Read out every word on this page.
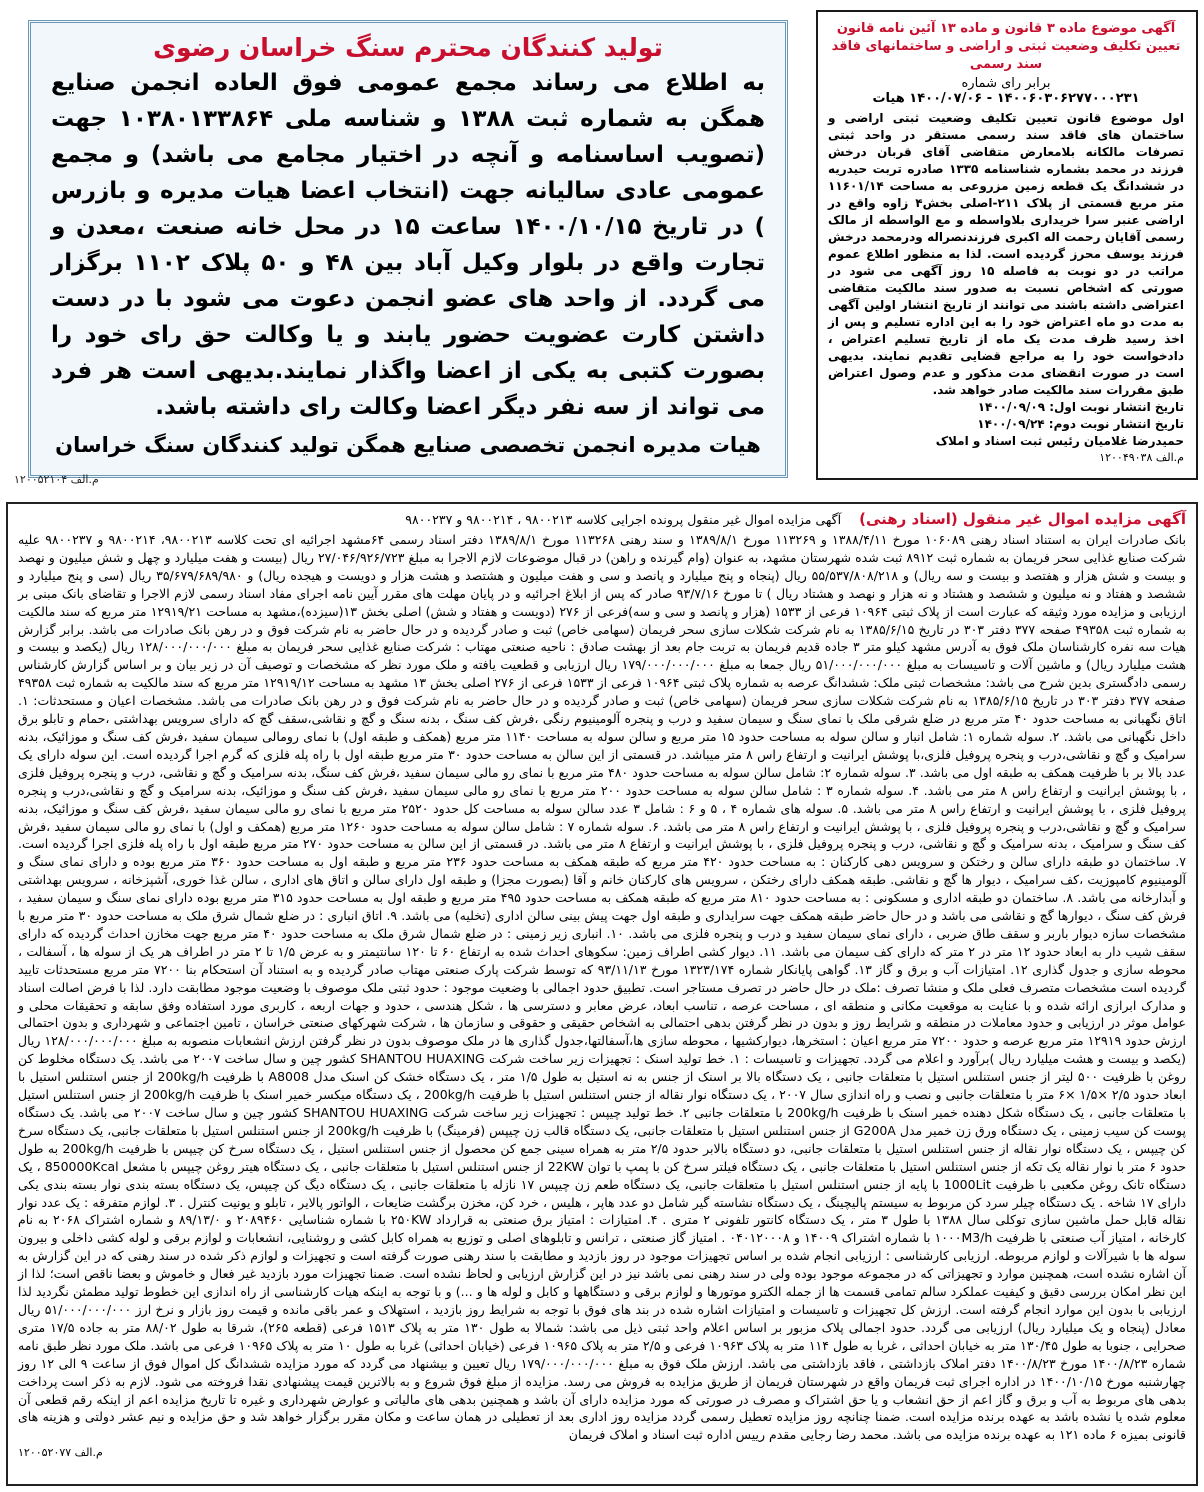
آگهی موضوع ماده ۳ قانون و ماده ۱۳ آئین نامه قانون تعیین تکلیف وضعیت ثبتی و اراضی و ساختمانهای فاقد سند رسمی
برابر رای شماره
۱۴۰۰۶۰۳۰۶۲۷۷۰۰۰۲۳۱ - ۱۴۰۰/۰۷/۰۶ هیات
اول موضوع قانون تعیین تکلیف وضعیت ثبتی اراضی و ساختمان های فاقد سند رسمی مستقر در واحد ثبتی تصرفات مالکانه بلامعارض متقاضی آقای قربان درخش فرزند در محمد بشماره شناسنامه ۱۳۳۵ صادره تربت حیدریه در ششدانگ یک قطعه زمین مزروعی به مساحت ۱۱۶۰۱/۱۴ متر مربع قسمتی از پلاک ۲۱۱-اصلی بخش۴ زاوه واقع در اراضی عنبر سرا خریداری بلاواسطه و مع الواسطه از مالک رسمی آقایان رحمت اله اکبری فرزندنصراله ودرمحمد درخش فرزند یوسف محرز گردیده است. لذا به منظور اطلاع عموم مراتب در دو نوبت به فاصله ۱۵ روز آگهی می شود در صورتی که اشخاص نسبت به صدور سند مالکیت متقاضی اعتراضی داشته باشند می توانند از تاریخ انتشار اولین آگهی به مدت دو ماه اعتراض خود را به این اداره تسلیم و پس از اخذ رسید ظرف مدت یک ماه از تاریخ تسلیم اعتراض ، دادخواست خود را به مراجع قضایی تقدیم نمایند. بدیهی است در صورت انقضای مدت مذکور و عدم وصول اعتراض طبق مقررات سند مالکیت صادر خواهد شد.
تاریخ انتشار نوبت اول: ۱۴۰۰/۰۹/۰۹
تاریخ انتشار نوبت دوم: ۱۴۰۰/۰۹/۲۴
حمیدرضا غلامیان رئیس ثبت اسناد و املاک
م.الف ۱۲۰۰۴۹۰۳۸
تولید کنندگان محترم سنگ خراسان رضوی
به اطلاع می رساند مجمع عمومی فوق العاده انجمن صنایع همگن به شماره ثبت ۱۳۸۸ و شناسه ملی ۱۰۳۸۰۱۳۳۸۶۴ جهت (تصویب اساسنامه و آنچه در اختیار مجامع می باشد) و مجمع عمومی عادی سالیانه جهت (انتخاب اعضا هیات مدیره و بازرس ) در تاریخ ۱۴۰۰/۱۰/۱۵ ساعت ۱۵ در محل خانه صنعت ،معدن و تجارت واقع در بلوار وکیل آباد بین ۴۸ و ۵۰ پلاک ۱۱۰۲ برگزار می گردد. از واحد های عضو انجمن دعوت می شود با در دست داشتن کارت عضویت حضور یابند و یا وکالت حق رای خود را بصورت کتبی به یکی از اعضا واگذار نمایند.بدیهی است هر فرد می تواند از سه نفر دیگر اعضا وکالت رای داشته باشد.
هیات مدیره انجمن تخصصی صنایع همگن تولید کنندگان سنگ خراسان
م.الف ۱۲۰۰۵۲۱۰۴
آگهی مزایده اموال غیر منقول (اسناد رهنی)
آگهی مزایده اموال غیر منقول پرونده اجرایی کلاسه ۹۸۰۰۲۱۳ ، ۹۸۰۰۲۱۴ و ۹۸۰۰۲۳۷
بانک صادرات ایران به استناد اسناد رهنی ۱۰۶۰۸۹ مورخ ۱۳۸۸/۴/۱۱ و ۱۱۳۲۶۹ مورخ ۱۳۸۹/۸/۱ و سند رهنی ۱۱۳۲۶۸ مورخ ۱۳۸۹/۸/۱ دفتر اسناد رسمی ۶۴مشهد اجرائیه ای تحت کلاسه ۹۸۰۰۲۱۳، ۹۸۰۰۲۱۴ و ۹۸۰۰۲۳۷ علیه شرکت صنایع غذایی سحر فریمان به شماره ثبت ۸۹۱۲ ثبت شده شهرستان مشهد، به عنوان (وام گیرنده و راهن) در قبال موضوعات لازم الاجرا به مبلغ ۲۷/۰۴۶/۹۲۶/۷۲۳ ریال (بیست و هفت میلیارد و چهل و شش میلیون و نهصد و بیست و شش هزار و هفتصد و بیست و سه ریال) و ۵۵/۵۳۷/۸۰۸/۲۱۸ ریال (پنجاه و پنج میلیارد و پانصد و سی و هفت میلیون و هشتصد و هشت هزار و دویست و هیجده ریال) و ۳۵/۶۷۹/۶۸۹/۹۸۰ ریال (سی و پنج میلیارد و ششصد و هفتاد و نه میلیون و ششصد و هشتاد و نه هزار و نهصد و هشتاد ریال ) تا مورخ ۹۳/۷/۱۶ صادر که پس از ابلاغ اجرائیه و در پایان مهلت های مقرر آیین نامه اجرای مفاد اسناد رسمی لازم الاجرا و تقاضای بانک مبنی بر ارزیابی و مزایده مورد وثیقه که عبارت است از پلاک ثبتی ۱۰۹۶۴ فرعی از ۱۵۳۳ (هزار و پانصد و سی و سه)فرعی از ۲۷۶ (دویست و هفتاد و شش) اصلی بخش ۱۳(سیزده)،مشهد به مساحت ۱۲۹۱۹/۲۱ متر مربع که سند مالکیت به شماره ثبت ۴۹۳۵۸ صفحه ۳۷۷ دفتر ۳۰۳ در تاریخ ۱۳۸۵/۶/۱۵ به نام شرکت شکلات سازی سحر فریمان (سهامی خاص) ثبت و صادر گردیده و در حال حاضر به نام شرکت فوق و در رهن بانک صادرات می باشد. برابر گزارش هیات سه نفره کارشناسان ملک فوق به آدرس مشهد کیلو متر ۳ جاده قدیم فریمان به تربت جام بعد از بهشت صادق : ناحیه صنعتی مهتاب : شرکت صنایع غذایی سحر فریمان به مبلغ ۱۲۸/۰۰۰/۰۰۰/۰۰۰ ریال (یکصد و بیست و هشت میلیارد ریال) و ماشین آلات و تاسیسات به مبلغ ۵۱/۰۰۰/۰۰۰/۰۰۰ ریال جمعا به مبلغ ۱۷۹/۰۰۰/۰۰۰/۰۰۰ ریال ارزیابی و قطعیت یافته و ملک مورد نظر که مشخصات و توصیف آن در زیر بیان و بر اساس گزارش کارشناس رسمی دادگستری بدین شرح می باشد: مشخصات ثبتی ملک: ششدانگ عرصه به شماره پلاک ثبتی ۱۰۹۶۴ فرعی از ۱۵۳۳ فرعی از ۲۷۶ اصلی بخش ۱۳ مشهد به مساحت ۱۲۹۱۹/۱۲ متر مربع که سند مالکیت به شماره ثبت ۴۹۳۵۸ صفحه ۳۷۷ دفتر ۳۰۳ در تاریخ ۱۳۸۵/۶/۱۵ به نام شرکت شکلات سازی سحر فریمان (سهامی خاص) ثبت و صادر گردیده و در حال حاضر به نام شرکت فوق و در رهن بانک صادرات می باشد. مشخصات اعیان و مستحدثات: ۱. اتاق نگهبانی به مساحت حدود ۴۰ متر مربع در ضلع شرقی ملک با نمای سنگ و سیمان سفید و درب و پنجره آلومینیوم رنگی ،فرش کف سنگ ، بدنه سنگ و گچ و نقاشی،سقف گچ که دارای سرویس بهداشتی ،حمام و تابلو برق داخل نگهبانی می باشد. ۲. سوله شماره ۱: شامل انبار و سالن سوله به مساحت حدود ۱۵ متر مربع و سالن سوله به مساحت ۱۱۴۰ متر مربع (همکف و طبقه اول) با نمای رومالی سیمان سفید ،فرش کف سنگ و موزائیک، بدنه سرامیک و گچ و نقاشی،درب و پنجره پروفیل فلزی،با پوشش ایرانیت و ارتفاع راس ۸ متر میباشد. در قسمتی از این سالن به مساحت حدود ۳۰ متر مربع طبقه اول با راه پله فلزی که گرم اجرا گردیده است. این سوله دارای یک عدد بالا بر با ظرفیت همکف به طبقه اول می باشد. ۳. سوله شماره ۲: شامل سالن سوله به مساحت حدود ۴۸۰ متر مربع با نمای رو مالی سیمان سفید ،فرش کف سنگ، بدنه سرامیک و گچ و نقاشی، درب و پنجره پروفیل فلزی ، با پوشش ایرانیت و ارتفاع راس ۸ متر می باشد. ۴. سوله شماره ۳ : شامل سالن سوله به مساحت حدود ۲۰۰ متر مربع با نمای رو مالی سیمان سفید ،فرش کف سنگ و موزائیک، بدنه سرامیک و گچ و نقاشی،درب و پنجره پروفیل فلزی ، با پوشش ایرانیت و ارتفاع راس ۸ متر می باشد. ۵. سوله های شماره ۴ ، ۵ و ۶ : شامل ۳ عدد سالن سوله به مساحت کل حدود ۲۵۲۰ متر مربع با نمای رو مالی سیمان سفید ،فرش کف سنگ و موزائیک، بدنه سرامیک و گچ و نقاشی،درب و پنجره پروفیل فلزی ، با پوشش ایرانیت و ارتفاع راس ۸ متر می باشد. ۶. سوله شماره ۷ : شامل سالن سوله به مساحت حدود ۱۲۶۰ متر مربع (همکف و اول) با نمای رو مالی سیمان سفید ،فرش کف سنگ و سرامیک ، بدنه سرامیک و گچ و نقاشی، درب و پنجره پروفیل فلزی ، با پوشش ایرانیت و ارتفاع ۸ متر می باشد. در قسمتی از این سالن به مساحت حدود ۲۷۰ متر مربع طبقه اول با راه پله فلزی اجرا گردیده است. ۷. ساختمان دو طبقه دارای سالن و رختکن و سرویس دهی کارکنان : به مساحت حدود ۴۲۰ متر مربع که طبقه همکف به مساحت حدود ۲۳۶ متر مربع و طبقه اول به مساحت حدود ۳۶۰ متر مربع بوده و دارای نمای سنگ و آلومینیوم کامپوزیت ،کف سرامیک ، دیوار ها گچ و نقاشی. طبقه همکف دارای رختکن ، سرویس های کارکنان خانم و آقا (بصورت مجزا) و طبقه اول دارای سالن و اتاق های اداری ، سالن غذا خوری، آشپزخانه ، سرویس بهداشتی و آبدارخانه می باشد. ۸. ساختمان دو طبقه اداری و مسکونی : به مساحت حدود ۸۱۰ متر مربع که طبقه همکف به مساحت حدود ۴۹۵ متر مربع و طبقه اول به مساحت حدود ۳۱۵ متر مربع بوده دارای نمای سنگ و سیمان سفید ، فرش کف سنگ ، دیوارها گچ و نقاشی می باشد و در حال حاضر طبقه همکف جهت سرایداری و طبقه اول جهت پیش بینی سالن اداری (تخلیه) می باشد. ۹. اتاق انباری : در ضلع شمال شرق ملک به مساحت حدود ۳۰ متر مربع با مشخصات سازه دیوار باربر و سقف طاق ضربی ، دارای نمای سیمان سفید و درب و پنجره فلزی می باشد. ۱۰. انباری زیر زمینی : در ضلع شمال شرق ملک به مساحت حدود ۴۰ متر مربع جهت مخازن احداث گردیده که دارای سقف شیب دار به ابعاد حدود ۱۲ متر در ۲ متر که دارای کف سیمان می باشد. ۱۱. دیوار کشی اطراف زمین: سکوهای احداث شده به ارتفاع ۶۰ تا ۱۲۰ سانتیمتر و به عرض ۱/۵ تا ۲ متر در اطراف هر یک از سوله ها ، آسفالت ، محوطه سازی و جدول گذاری ۱۲. امتیازات آب و برق و گاز ۱۳. گواهی پایانکار شماره ۱۳۲۳/۱۷۴ مورخ ۹۳/۱۱/۱۳ که توسط شرکت پارک صنعتی مهتاب صادر گردیده و به استناد آن استحکام بنا ۷۲۰۰ متر مربع مستحدثات تایید گردیده است مشخصات متصرف فعلی ملک و منشا تصرف :ملک در حال حاضر در تصرف مستاجر است. تطبیق حدود اجمالی با وضعیت موجود : حدود ثبتی ملک موصوف با وضعیت موجود مطابقت دارد. لذا با فرض اصالت اسناد و مدارک ابرازی ارائه شده و با عنایت به موقعیت مکانی و منطقه ای ، مساحت عرصه ، تناسب ابعاد، عرض معابر و دسترسی ها ، شکل هندسی ، حدود و جهات اربعه ، کاربری مورد استفاده وفق سابقه و تحقیقات محلی و عوامل موثر در ارزیابی و حدود معاملات در منطقه و شرایط روز و بدون در نظر گرفتن بدهی احتمالی به اشخاص حقیقی و حقوقی و سازمان ها ، شرکت شهرکهای صنعتی خراسان ، تامین اجتماعی و شهرداری و بدون احتمالی ارزش حدود ۱۲۹۱۹ متر مربع عرصه و حدود ۷۲۰۰ متر مربع اعیان : استخرها، دیوارکشیها ، محوطه سازی ها،آسفالتها،جدول گذاری ها در ملک موصوف بدون در نظر گرفتن ارزش انشعابات منصوبه به مبلغ ۱۲۸/۰۰۰/۰۰۰/۰۰۰ ریال (یکصد و بیست و هشت میلیارد ریال )برآورد و اعلام می گردد. تجهیزات و تاسیسات : ۱. خط تولید اسنک : تجهیزات زیر ساخت شرکت SHANTOU HUAXING کشور چین و سال ساخت ۲۰۰۷ می باشد. یک دستگاه مخلوط کن روغن با ظرفیت ۵۰۰ لیتر از جنس استنلس استیل با متعلقات جانبی ، یک دستگاه بالا بر اسنک از جنس به نه استیل به طول ۱/۵ متر ، یک دستگاه خشک کن اسنک مدل A8008 با ظرفیت 200kg/h از جنس استنلس استیل با ابعاد حدود ۲/۵ ×۱/۵ ×۶ متر با متعلقات جانبی و نصب و راه اندازی سال ۲۰۰۷ ، یک دستگاه نوار نقاله از جنس استنلس استیل با ظرفیت 200kg/h ، یک دستگاه میکسر خمیر اسنک با ظرفیت 200kg/h از جنس استنلس استیل با متعلقات جانبی ، یک دستگاه شکل دهنده خمیر اسنک با ظرفیت 200kg/h با متعلقات جانبی ۲. خط تولید چیپس : تجهیزات زیر ساخت شرکت SHANTOU HUAXING کشور چین و سال ساخت ۲۰۰۷ می باشد. یک دستگاه پوست کن سیب زمینی ، یک دستگاه ورق زن خمیر مدل G200A از جنس استنلس استیل با متعلقات جانبی، یک دستگاه قالب زن چیپس (فرمینگ) با ظرفیت 200kg/h از جنس استنلس استیل با متعلقات جانبی، یک دستگاه سرخ کن چیپس ، یک دستگاه نوار نقاله از جنس استنلس استیل با متعلقات جانبی، دو دستگاه بالابر حدود ۲/۵ متر به همراه سینی جمع کن محصول از جنس استنلس استیل ، یک دستگاه سرخ کن چیپس با ظرفیت 200kg/h به طول حدود ۶ متر با نوار نقاله یک تکه از جنس استنلس استیل با متعلقات جانبی ، یک دستگاه فیلتر سرخ کن با پمپ با توان 22KW از جنس استنلس استیل با متعلقات جانبی ، یک دستگاه هیتر روغن چیپس با مشعل 850000Kcal ، یک دستگاه تانک روغن مکعبی با ظرفیت 1000Lit با پایه از جنس استنلس استیل با متعلقات جانبی، یک دستگاه طعم زن چیپس ۱۷ نازله با متعلقات جانبی ، یک دستگاه دیگ کن چیپس، یک دستگاه بسته بندی نوار بسته بندی یکی دارای ۱۷ شاخه . یک دستگاه چیلر سرد کن مربوط به سیستم پالیچینگ ، یک دستگاه نشاسته گیر شامل دو عدد هاپر ، هلیس ، خرد کن، مخزن برگشت ضایعات ، الواتور پالایر ، تابلو و یونیت کنترل . ۳. لوازم متفرقه : یک عدد نوار نقاله قابل حمل ماشین سازی توکلی سال ۱۳۸۸ با طول ۳ متر ، یک دستگاه کانتور تلفونی ۲ متری . ۴. امتیازات : امتیاز برق صنعتی به قرارداد ۲۵۰KW با شماره شناسایی ۲۰۸۹۴۶۰ و ۸۹/۱۳/۰ و شماره اشتراک ۲۰۶۸ به نام کارخانه ، امتیاز آب صنعتی با ظرفیت ۱۰۰۰M3/h با شماره اشتراک ۱۴۰۰۹ و ۰۴۰۱۲۰۰۰۸ . امتیاز گاز صنعتی ، ترانس و تابلوهای اصلی و توزیع به همراه کابل کشی و روشنایی، انشعابات و لوازم برقی و لوله کشی داخلی و بیرون سوله ها با شیرآلات و لوازم مربوطه. ارزیابی کارشناسی : ارزیابی انجام شده بر اساس تجهیزات موجود در روز بازدید و مطابقت با سند رهنی صورت گرفته است و تجهیزات و لوازم ذکر شده در سند رهنی که در این گزارش به آن اشاره نشده است، همچنین موارد و تجهیزاتی که در مجموعه موجود بوده ولی در سند رهنی نمی باشد نیز در این گزارش ارزیابی و لحاظ نشده است. ضمنا تجهیزات مورد بازدید غیر فعال و خاموش و بعضا ناقص است؛ لذا از این نظر امکان بررسی دقیق و کیفیت عملکرد سالم تمامی قسمت ها از جمله الکترو موتورها و لوازم برقی و دستگاهها و کابل و لوله ها و ...) و با توجه به اینکه هیات کارشناسی از راه اندازی این خطوط تولید مطمئن نگردید لذا ارزیابی با بدون این موارد انجام گرفته است. ارزش کل تجهیزات و تاسیسات و امتیازات اشاره شده در بند های فوق با توجه به شرایط روز بازدید ، استهلاک و عمر باقی مانده و قیمت روز بازار و نرخ ارز ۵۱/۰۰۰/۰۰۰/۰۰۰ ریال معادل (پنجاه و یک میلیارد ریال) ارزیابی می گردد. حدود اجمالی پلاک مزبور بر اساس اعلام واحد ثبتی ذیل می باشد: شمالا به طول ۱۳۰ متر به پلاک ۱۵۱۳ فرعی (قطعه ۲۶۵)، شرقا به طول ۸۸/۰۲ متر به جاده ۱۷/۵ متری صحرایی ، جنوبا به طول ۱۳۰/۴۵ متر به خیابان احداثی ، غربا به طول ۱۱۴ متر به پلاک ۱۰۹۶۳ فرعی و ۲/۵ متر به پلاک ۱۰۹۶۵ فرعی (خیابان احداثی) غربا به طول ۱۰ متر به پلاک ۱۰۹۶۵ فرعی می باشد. ملک مورد نظر طبق نامه شماره ۱۴۰۰/۸/۲۳ مورخ ۱۴۰۰/۸/۲۳ دفتر املاک بازداشتی ، فاقد بازداشتی می باشد. ارزش ملک فوق به مبلغ ۱۷۹/۰۰۰/۰۰۰/۰۰۰ ریال تعیین و بیشنهاد می گردد که مورد مزایده ششدانگ کل اموال فوق از ساعت ۹ الی ۱۲ روز چهارشنبه مورخ ۱۴۰۰/۱۰/۱۵ در اداره اجرای ثبت فریمان واقع در شهرستان فریمان از طریق مزایده به فروش می رسد. مزایده از مبلغ فوق شروع و به بالاترین قیمت پیشنهادی نقدا فروخته می شود. لازم به ذکر است پرداخت بدهی های مربوط به آب و برق و گاز اعم از حق انشعاب و یا حق اشتراک و مصرف در صورتی که مورد مزایده دارای آن باشد و همچنین بدهی های مالیاتی و عوارض شهرداری و غیره تا تاریخ مزایده اعم از اینکه رقم قطعی آن معلوم شده یا نشده باشد به عهده برنده مزایده است. ضمنا چنانچه روز مزایده تعطیل رسمی گردد مزایده روز اداری بعد از تعطیلی در همان ساعت و مکان مقرر برگزار خواهد شد و حق مزایده و نیم عشر دولتی و هزینه های قانونی بمیزه ۶ ماده ۱۲۱ به عهده برنده مزایده می باشد. محمد رضا رجایی مقدم رییس اداره ثبت اسناد و املاک فریمان
م.الف ۱۲۰۰۵۲۰۷۷
